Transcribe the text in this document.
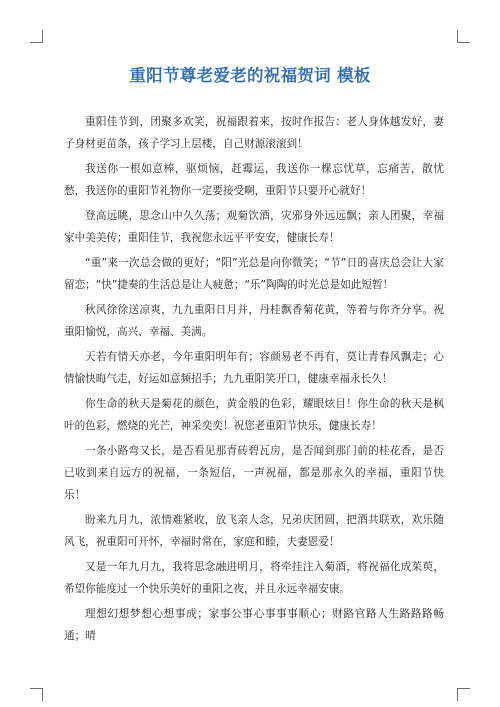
重阳节尊老爱老的祝福贺词 模板

重阳佳节到，团聚多欢笑，祝福跟着来，按时作报告：老人身体越发好，妻子身材更苗条，孩子学习上层楼，自己财源滚滚到！

我送你一根如意棒，驱烦恼，赶霉运，我送你一棵忘忧草，忘痛苦，散忧愁，我送你的重阳节礼物你一定要接受啊，重阳节只要开心就好！

登高远眺，思念山中久久荡；观菊饮酒，灾邪身外远远飘；亲人团聚，幸福家中美美传；重阳佳节，我祝您永远平平安安，健康长寿！

“重”来一次总会做的更好；“阳”光总是向你微笑；“节”日的喜庆总会让大家留恋；“快”捷奏的生活总是让人疲惫；“乐”陶陶的时光总是如此短暂！

秋风徐徐送凉爽，九九重阳日月并，丹桂飘香菊花黄，等着与你齐分享。祝重阳愉悦，高兴、幸福、美满。

天若有情天亦老，今年重阳明年有；容颜易老不再有，莫让青春风飘走；心情愉快晦气走，好运如意频招手；九九重阳笑开口，健康幸福永长久！

你生命的秋天是菊花的颜色，黄金般的色彩，耀眼炫目！你生命的秋天是枫叶的色彩，燃烧的光芒，神采奕奕！祝您老重阳节快乐，健康长寿！

一条小路弯又长，是否看见那青砖碧瓦房，是否闻到那门前的桂花香，是否已收到来自远方的祝福，一条短信，一声祝福，都是那永久的幸福，重阳节快乐！

盼来九月九，浓情难紧收，放飞亲人念，兄弟庆团圆，把酒共联欢，欢乐随风飞，祝重阳可开怀，幸福时常在，家庭和睦，夫妻恩爱！

又是一年九月九，我将思念融进明月，将牵挂注入菊酒，将祝福化成茱萸，希望你能度过一个快乐美好的重阳之夜，并且永远幸福安康。

理想幻想梦想心想事成；家事公事心事事事顺心；财路官路人生路路路畅通；晴
